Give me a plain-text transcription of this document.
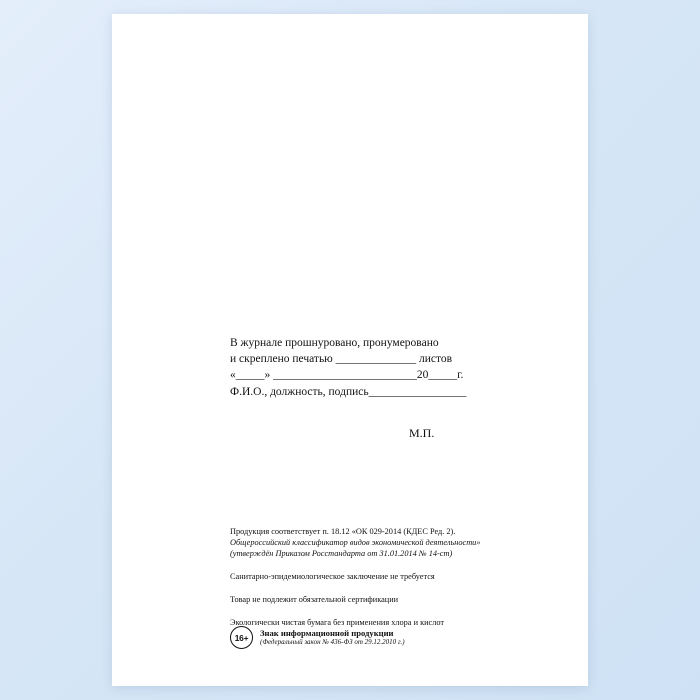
В журнале прошнуровано, пронумеровано
и скреплено печатью ______________ листов
«_____» _________________________20_____г.
Ф.И.О., должность, подпись_________________
М.П.
Продукция соответствует п. 18.12 «ОК 029-2014 (КДЕС Ред. 2).
Общероссийский классификатор видов экономической деятельности»
(утверждён Приказом Росстандарта от 31.01.2014 № 14-ст)
Санитарно-эпидемиологическое заключение не требуется
Товар не подлежит обязательной сертификации
Экологически чистая бумага без применения хлора и кислот
16+	Знак информационной продукции
(Федеральный закон № 436-ФЗ от 29.12.2010 г.)
